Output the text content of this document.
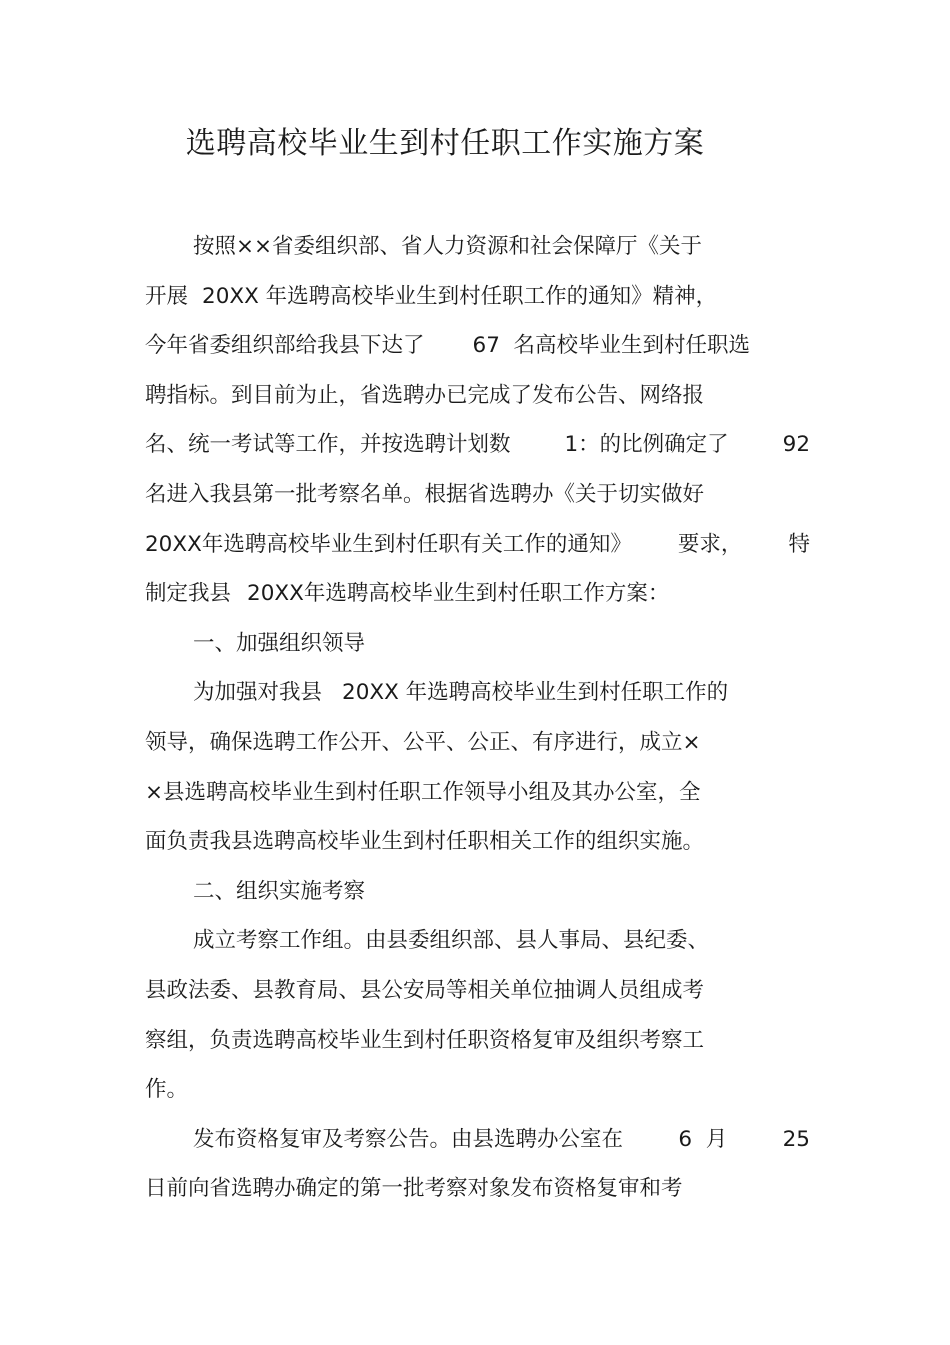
选聘高校毕业生到村任职工作实施方案
按照××省委组织部、省人力资源和社会保障厅《关于
开展 20XX 年选聘高校毕业生到村任职工作的通知》精神，
今年省委组织部给我县下达了 67  名高校毕业生到村任职选
聘指标。到目前为止，省选聘办已完成了发布公告、网络报
名、统一考试等工作，并按选聘计划数	1：的比例确定了	92
名进入我县第一批考察名单。根据省选聘办《关于切实做好
20XX年选聘高校毕业生到村任职有关工作的通知》 要求， 特
制定我县 20XX年选聘高校毕业生到村任职工作方案：
一、加强组织领导
为加强对我县 20XX 年选聘高校毕业生到村任职工作的
领导，确保选聘工作公开、公平、公正、有序进行，成立×
×县选聘高校毕业生到村任职工作领导小组及其办公室，全
面负责我县选聘高校毕业生到村任职相关工作的组织实施。
二、组织实施考察
成立考察工作组。由县委组织部、县人事局、县纪委、
县政法委、县教育局、县公安局等相关单位抽调人员组成考
察组，负责选聘高校毕业生到村任职资格复审及组织考察工
作。
发布资格复审及考察公告。由县选聘办公室在	6  月	25
日前向省选聘办确定的第一批考察对象发布资格复审和考
